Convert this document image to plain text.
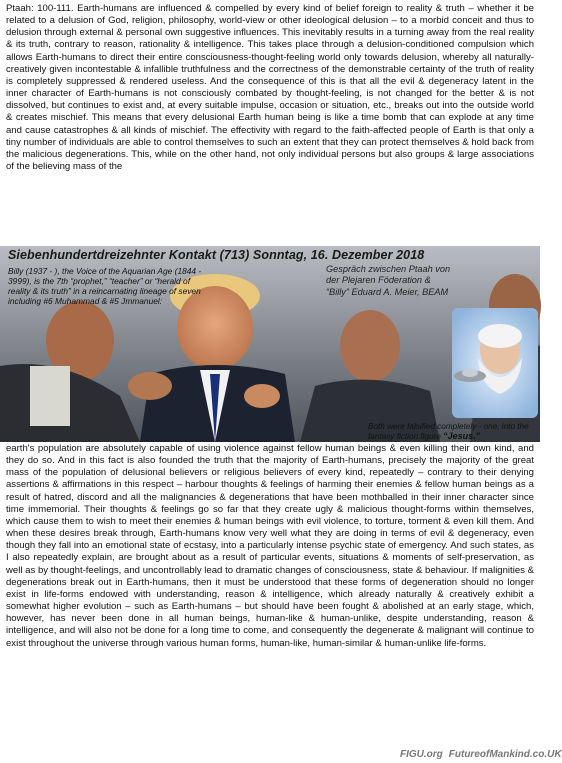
Ptaah: 100-111. Earth-humans are influenced & compelled by every kind of belief foreign to reality & truth – whether it be related to a delusion of God, religion, philosophy, world-view or other ideological delusion – to a morbid conceit and thus to delusion through external & personal own suggestive influences. This inevitably results in a turning away from the real reality & its truth, contrary to reason, rationality & intelligence. This takes place through a delusion-conditioned compulsion which allows Earth-humans to direct their entire consciousness-thought-feeling world only towards delusion, whereby all naturally-creatively given incontestable & infallible truthfulness and the correctness of the demonstrable certainty of the truth of reality is completely suppressed & rendered useless. And the consequence of this is that all the evil & degeneracy latent in the inner character of Earth-humans is not consciously combated by thought-feeling, is not changed for the better & is not dissolved, but continues to exist and, at every suitable impulse, occasion or situation, etc., breaks out into the outside world & creates mischief. This means that every delusional Earth human being is like a time bomb that can explode at any time and cause catastrophes & all kinds of mischief. The effectivity with regard to the faith-affected people of Earth is that only a tiny number of individuals are able to control themselves to such an extent that they can protect themselves & hold back from the malicious degenerations. This, while on the other hand, not only individual persons but also groups & large associations of the believing mass of the

Siebenhundertdreizehnter Kontakt (713) Sonntag, 16. Dezember 2018
Billy (1937 - ), the Voice of the Aquarian Age (1844 - 3999), is the 7th “prophet,” “teacher” or “herald of reality & its truth” in a reincarnating lineage of seven including #6 Muhammad & #5 Jmmanuel:
Gespräch zwischen Ptaah von der Plejaren Föderation & “Billy” Eduard A. Meier, BEAM
Both were falsified completely - one, into the fantasy fiction figure “Jesus.”

earth's population are absolutely capable of using violence against fellow human beings & even killing their own kind, and they do so. And in this fact is also founded the truth that the majority of Earth-humans, precisely the majority of the great mass of the population of delusional believers or religious believers of every kind, repeatedly – contrary to their denying assertions & affirmations in this respect – harbour thoughts & feelings of harming their enemies & fellow human beings as a result of hatred, discord and all the malignancies & degenerations that have been mothballed in their inner character since time immemorial. Their thoughts & feelings go so far that they create ugly & malicious thought-forms within themselves, which cause them to wish to meet their enemies & human beings with evil violence, to torture, torment & even kill them. And when these desires break through, Earth-humans know very well what they are doing in terms of evil & degeneracy, even though they fall into an emotional state of ecstasy, into a particularly intense psychic state of emergency. And such states, as I also repeatedly explain, are brought about as a result of particular events, situations & moments of self-preservation, as well as by thought-feelings, and uncontrollably lead to dramatic changes of consciousness, state & behaviour. If malignities & degenerations break out in Earth-humans, then it must be understood that these forms of degeneration should no longer exist in life-forms endowed with understanding, reason & intelligence, which already naturally & creatively exhibit a somewhat higher evolution – such as Earth-humans – but should have been fought & abolished at an early stage, which, however, has never been done in all human beings, human-like & human-unlike, despite understanding, reason & intelligence, and will also not be done for a long time to come, and consequently the degenerate & malignant will continue to exist throughout the universe through various human forms, human-like, human-similar & human-unlike life-forms.

FIGU.org FutureofMankind.co.UK
